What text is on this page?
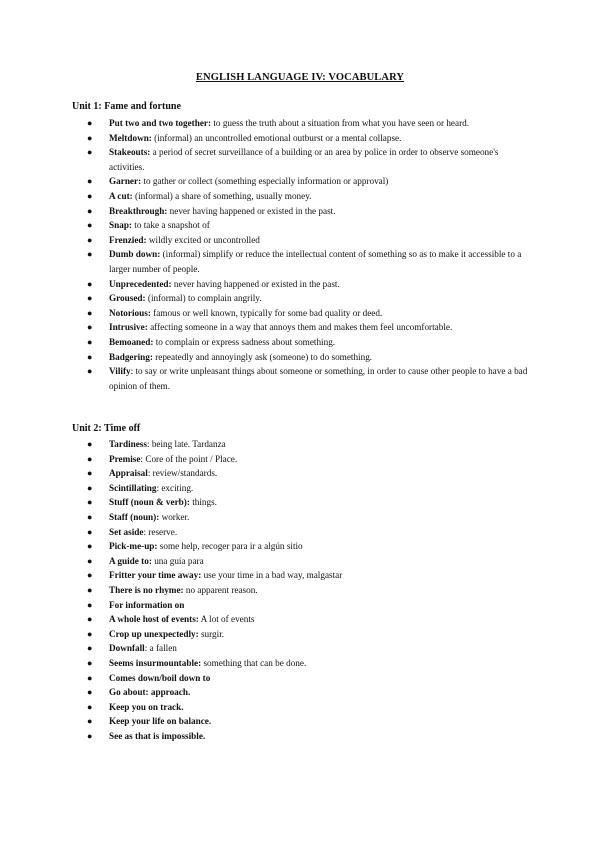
ENGLISH LANGUAGE IV: VOCABULARY
Unit 1: Fame and fortune
● Put two and two together: to guess the truth about a situation from what you have seen or heard.
● Meltdown: (informal) an uncontrolled emotional outburst or a mental collapse.
● Stakeouts: a period of secret surveillance of a building or an area by police in order to observe someone's activities.
● Garner: to gather or collect (something especially information or approval)
● A cut: (informal) a share of something, usually money.
● Breakthrough: never having happened or existed in the past.
● Snap: to take a snapshot of
● Frenzied: wildly excited or uncontrolled
● Dumb down: (informal) simplify or reduce the intellectual content of something so as to make it accessible to a larger number of people.
● Unprecedented: never having happened or existed in the past.
● Groused: (informal) to complain angrily.
● Notorious: famous or well known, typically for some bad quality or deed.
● Intrusive: affecting someone in a way that annoys them and makes them feel uncomfortable.
● Bemoaned: to complain or express sadness about something.
● Badgering: repeatedly and annoyingly ask (someone) to do something.
● Vilify: to say or write unpleasant things about someone or something, in order to cause other people to have a bad opinion of them.
Unit 2: Time off
● Tardiness: being late. Tardanza
● Premise: Core of the point / Place.
● Appraisal: review/standards.
● Scintillating: exciting.
● Stuff (noun & verb): things.
● Staff (noun): worker.
● Set aside: reserve.
● Pick-me-up: some help, recoger para ir a algún sitio
● A guide to: una guía para
● Fritter your time away: use your time in a bad way, malgastar
● There is no rhyme: no apparent reason.
● For information on
● A whole host of events: A lot of events
● Crop up unexpectedly: surgir.
● Downfall: a fallen
● Seems insurmountable: something that can be done.
● Comes down/boil down to
● Go about: approach.
● Keep you on track.
● Keep your life on balance.
● See as that is impossible.
